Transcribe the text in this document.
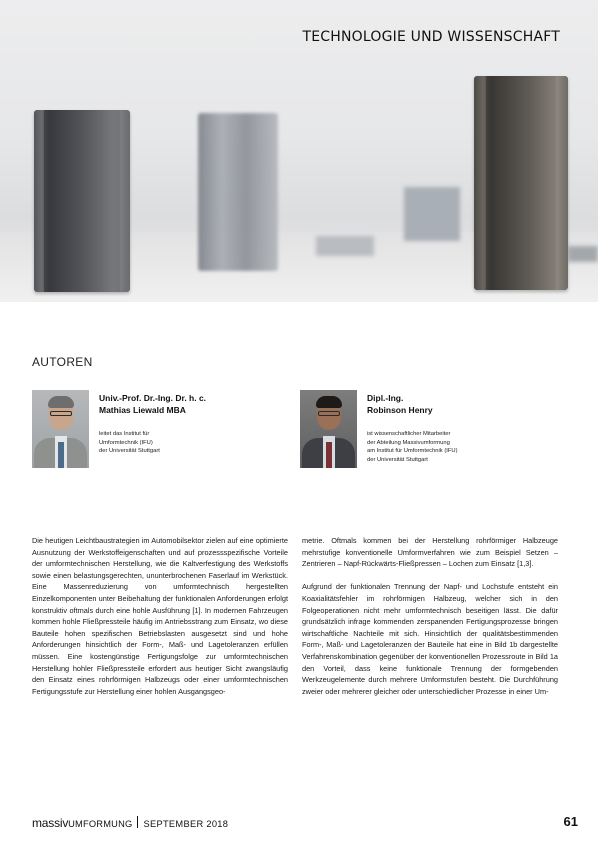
TECHNOLOGIE UND WISSENSCHAFT
AUTOREN
Univ.-Prof. Dr.-Ing. Dr. h. c.
Mathias Liewald MBA
leitet das Institut für
Umformtechnik (IFU)
der Universität Stuttgart
Dipl.-Ing.
Robinson Henry
ist wissenschaftlicher Mitarbeiter
der Abteilung Massivumformung
am Institut für Umformtechnik (IFU)
der Universität Stuttgart

Die heutigen Leichtbaustrategien im Automobilsektor zielen auf eine optimierte Ausnutzung der Werkstoffeigenschaften und auf prozessspezifische Vorteile der umformtechnischen Herstellung, wie die Kaltverfestigung des Werkstoffs sowie einen belastungsgerechten, ununterbrochenen Faserlauf im Werkstück. Eine Massenreduzierung von umformtechnisch hergestellten Einzelkomponenten unter Beibehaltung der funktionalen Anforderungen erfolgt konstruktiv oftmals durch eine hohle Ausführung [1]. In modernen Fahrzeugen kommen hohle Fließpressteile häufig im Antriebsstrang zum Einsatz, wo diese Bauteile hohen spezifischen Betriebslasten ausgesetzt sind und hohe Anforderungen hinsichtlich der Form-, Maß- und Lagetoleranzen erfüllen müssen. Eine kostengünstige Fertigungsfolge zur umformtechnischen Herstellung hohler Fließpressteile erfordert aus heutiger Sicht zwangsläufig den Einsatz eines rohrförmigen Halbzeugs oder einer umformtechnischen Fertigungsstufe zur Herstellung einer hohlen Ausgangsgeo-

metrie. Oftmals kommen bei der Herstellung rohrförmiger Halbzeuge mehrstufige konventionelle Umformverfahren wie zum Beispiel Setzen – Zentrieren – Napf-Rückwärts-Fließpressen – Lochen zum Einsatz [1,3].

Aufgrund der funktionalen Trennung der Napf- und Lochstufe entsteht ein Koaxialitätsfehler im rohrförmigen Halbzeug, welcher sich in den Folgeoperationen nicht mehr umformtechnisch beseitigen lässt. Die dafür grundsätzlich infrage kommenden zerspanenden Fertigungsprozesse bringen wirtschaftliche Nachteile mit sich. Hinsichtlich der qualitätsbestimmenden Form-, Maß- und Lagetoleranzen der Bauteile hat eine in Bild 1b dargestellte Verfahrenskombination gegenüber der konventionellen Prozessroute in Bild 1a den Vorteil, dass keine funktionale Trennung der formgebenden Werkzeugelemente durch mehrere Umformstufen besteht. Die Durchführung zweier oder mehrerer gleicher oder unterschiedlicher Prozesse in einer Um-

massivUMFORMUNG SEPTEMBER 2018	61
